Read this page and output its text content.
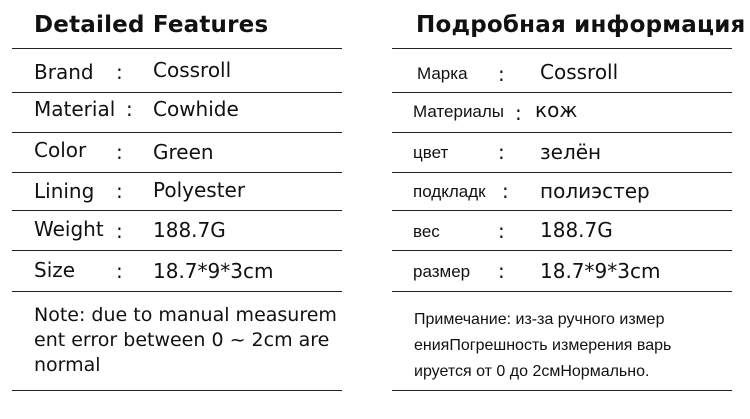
Detailed Features
Brand : Cossroll
Material : Cowhide
Color : Green
Lining : Polyester
Weight : 188.7G
Size : 18.7*9*3cm
Note: due to manual measurem
ent error between 0 ~ 2cm are
normal
Подробная информация
Марка : Cossroll
Материалы : кож
цвет : зелён
подкладк : полиэстер
вес	: 188.7G
размер : 18.7*9*3cm
Примечание: из-за ручного измер
енияПогрешность измерения варь
ируется от 0 до 2смНормально.
